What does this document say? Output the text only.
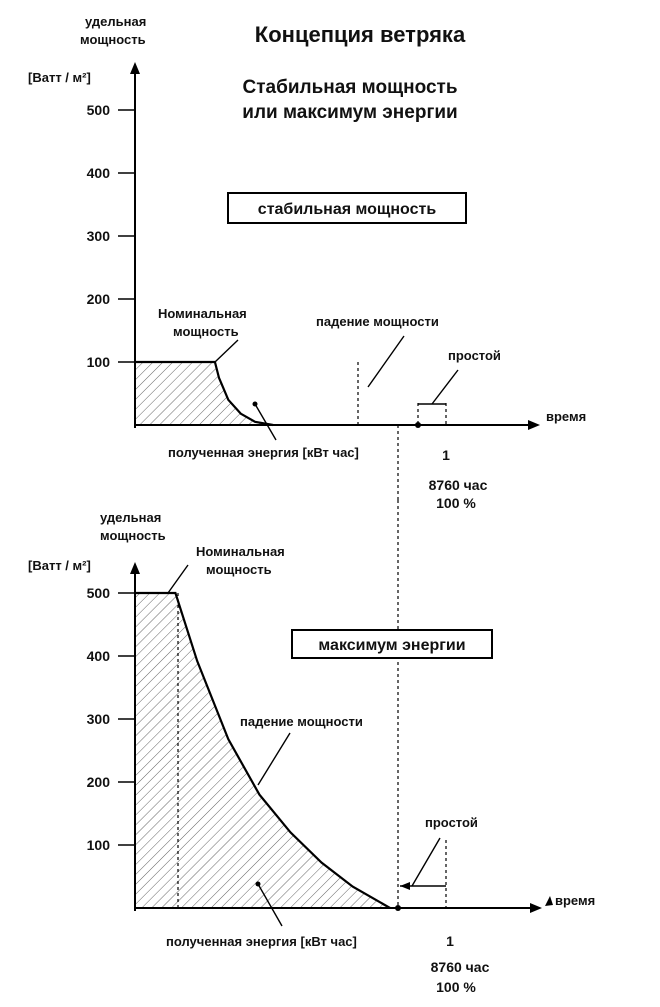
Концепция ветряка
Стабильная мощность
или максимум энергии
100
200
300
400
500
удельная
мощность
[Ватт / м²]
стабильная мощность
простой
Номинальная
мощность
падение мощности
полученная энергия [кВт час]
время
1
8760 час
100 %
100
200
300
400
500
удельная
мощность
[Ватт / м²]
Номинальная
мощность
максимум энергии
падение мощности
простой
полученная энергия [кВт час]
время
1
8760 час
100 %
